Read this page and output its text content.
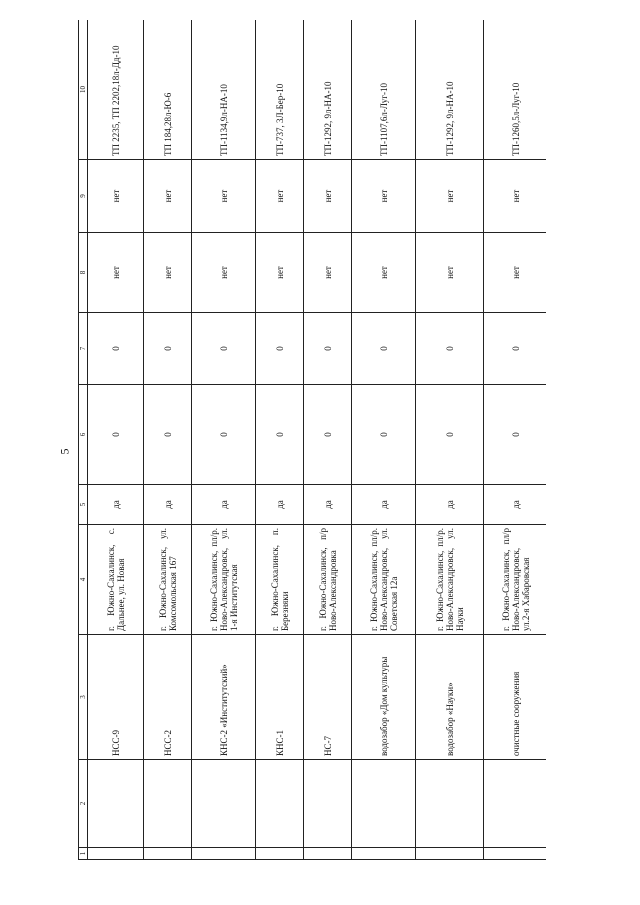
5
1	2	3	4	5	6	7	8	9	10
		НСС-9	г. Южно-Сахалинск, с. Дальнее, ул. Новая	да	0	0	нет	нет	ТП 2235, ТП 2202,18л-Дд-10
		НСС-2	г. Южно-Сахалинск, ул. Комсомольская 167	да	0	0	нет	нет	ТП 184,28л-Ю-6
		КНС-2 «Институтский»	г. Южно-Сахалинск, пл/р. Ново-Александровск, ул. 1-я Институтская	да	0	0	нет	нет	ТП-1134,9л-НА-10
		КНС-1	г. Южно-Сахалинск, п. Березняки	да	0	0	нет	нет	ТП-737, 3Л-Бер-10
		НС-7	г. Южно-Сахалинск, п/р Ново-Александровка	да	0	0	нет	нет	ТП-1292, 9л-НА-10
		водозабор «Дом культуры	г. Южно-Сахалинск, пл/р. Ново-Александровск, ул. Советская 12а	да	0	0	нет	нет	ТП-1107,6л-Луг-10
		водозабор «Науки»	г. Южно-Сахалинск, пл/р. Ново-Александровск, ул. Науки	да	0	0	нет	нет	ТП-1292, 9л-НА-10
		очистные сооружения	г. Южно-Сахалинск, пл/р Ново-Александровск, ул.2-я Хабаровская	да	0	0	нет	нет	ТП-1260,5л-Луг-10
